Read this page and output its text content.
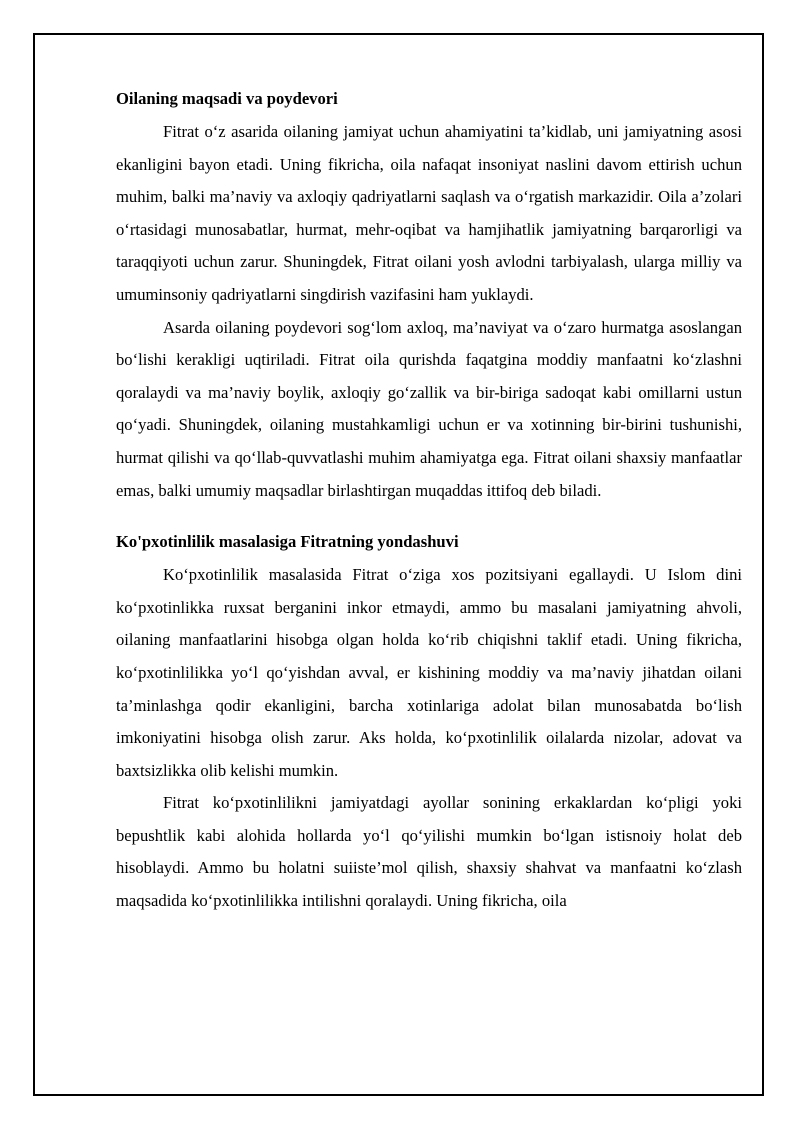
Oilaning maqsadi va poydevori

Fitrat o‘z asarida oilaning jamiyat uchun ahamiyatini ta’kidlab, uni jamiyatning asosi ekanligini bayon etadi. Uning fikricha, oila nafaqat insoniyat naslini davom ettirish uchun muhim, balki ma’naviy va axloqiy qadriyatlarni saqlash va o‘rgatish markazidir. Oila a’zolari o‘rtasidagi munosabatlar, hurmat, mehr-oqibat va hamjihatlik jamiyatning barqarorligi va taraqqiyoti uchun zarur. Shuningdek, Fitrat oilani yosh avlodni tarbiyalash, ularga milliy va umuminsoniy qadriyatlarni singdirish vazifasini ham yuklaydi.

Asarda oilaning poydevori sog‘lom axloq, ma’naviyat va o‘zaro hurmatga asoslangan bo‘lishi kerakligi uqtiriladi. Fitrat oila qurishda faqatgina moddiy manfaatni ko‘zlashni qoralaydi va ma’naviy boylik, axloqiy go‘zallik va bir-biriga sadoqat kabi omillarni ustun qo‘yadi. Shuningdek, oilaning mustahkamligi uchun er va xotinning bir-birini tushunishi, hurmat qilishi va qo‘llab-quvvatlashi muhim ahamiyatga ega. Fitrat oilani shaxsiy manfaatlar emas, balki umumiy maqsadlar birlashtirgan muqaddas ittifoq deb biladi.

Ko'pxotinlilik masalasiga Fitratning yondashuvi

Ko‘pxotinlilik masalasida Fitrat o‘ziga xos pozitsiyani egallaydi. U Islom dini ko‘pxotinlikka ruxsat berganini inkor etmaydi, ammo bu masalani jamiyatning ahvoli, oilaning manfaatlarini hisobga olgan holda ko‘rib chiqishni taklif etadi. Uning fikricha, ko‘pxotinlilikka yo‘l qo‘yishdan avval, er kishining moddiy va ma’naviy jihatdan oilani ta’minlashga qodir ekanligini, barcha xotinlariga adolat bilan munosabatda bo‘lish imkoniyatini hisobga olish zarur. Aks holda, ko‘pxotinlilik oilalarda nizolar, adovat va baxtsizlikka olib kelishi mumkin.

Fitrat ko‘pxotinlilikni jamiyatdagi ayollar sonining erkaklardan ko‘pligi yoki bepushtlik kabi alohida hollarda yo‘l qo‘yilishi mumkin bo‘lgan istisnoiy holat deb hisoblaydi. Ammo bu holatni suiiste’mol qilish, shaxsiy shahvat va manfaatni ko‘zlash maqsadida ko‘pxotinlilikka intilishni qoralaydi. Uning fikricha, oila
